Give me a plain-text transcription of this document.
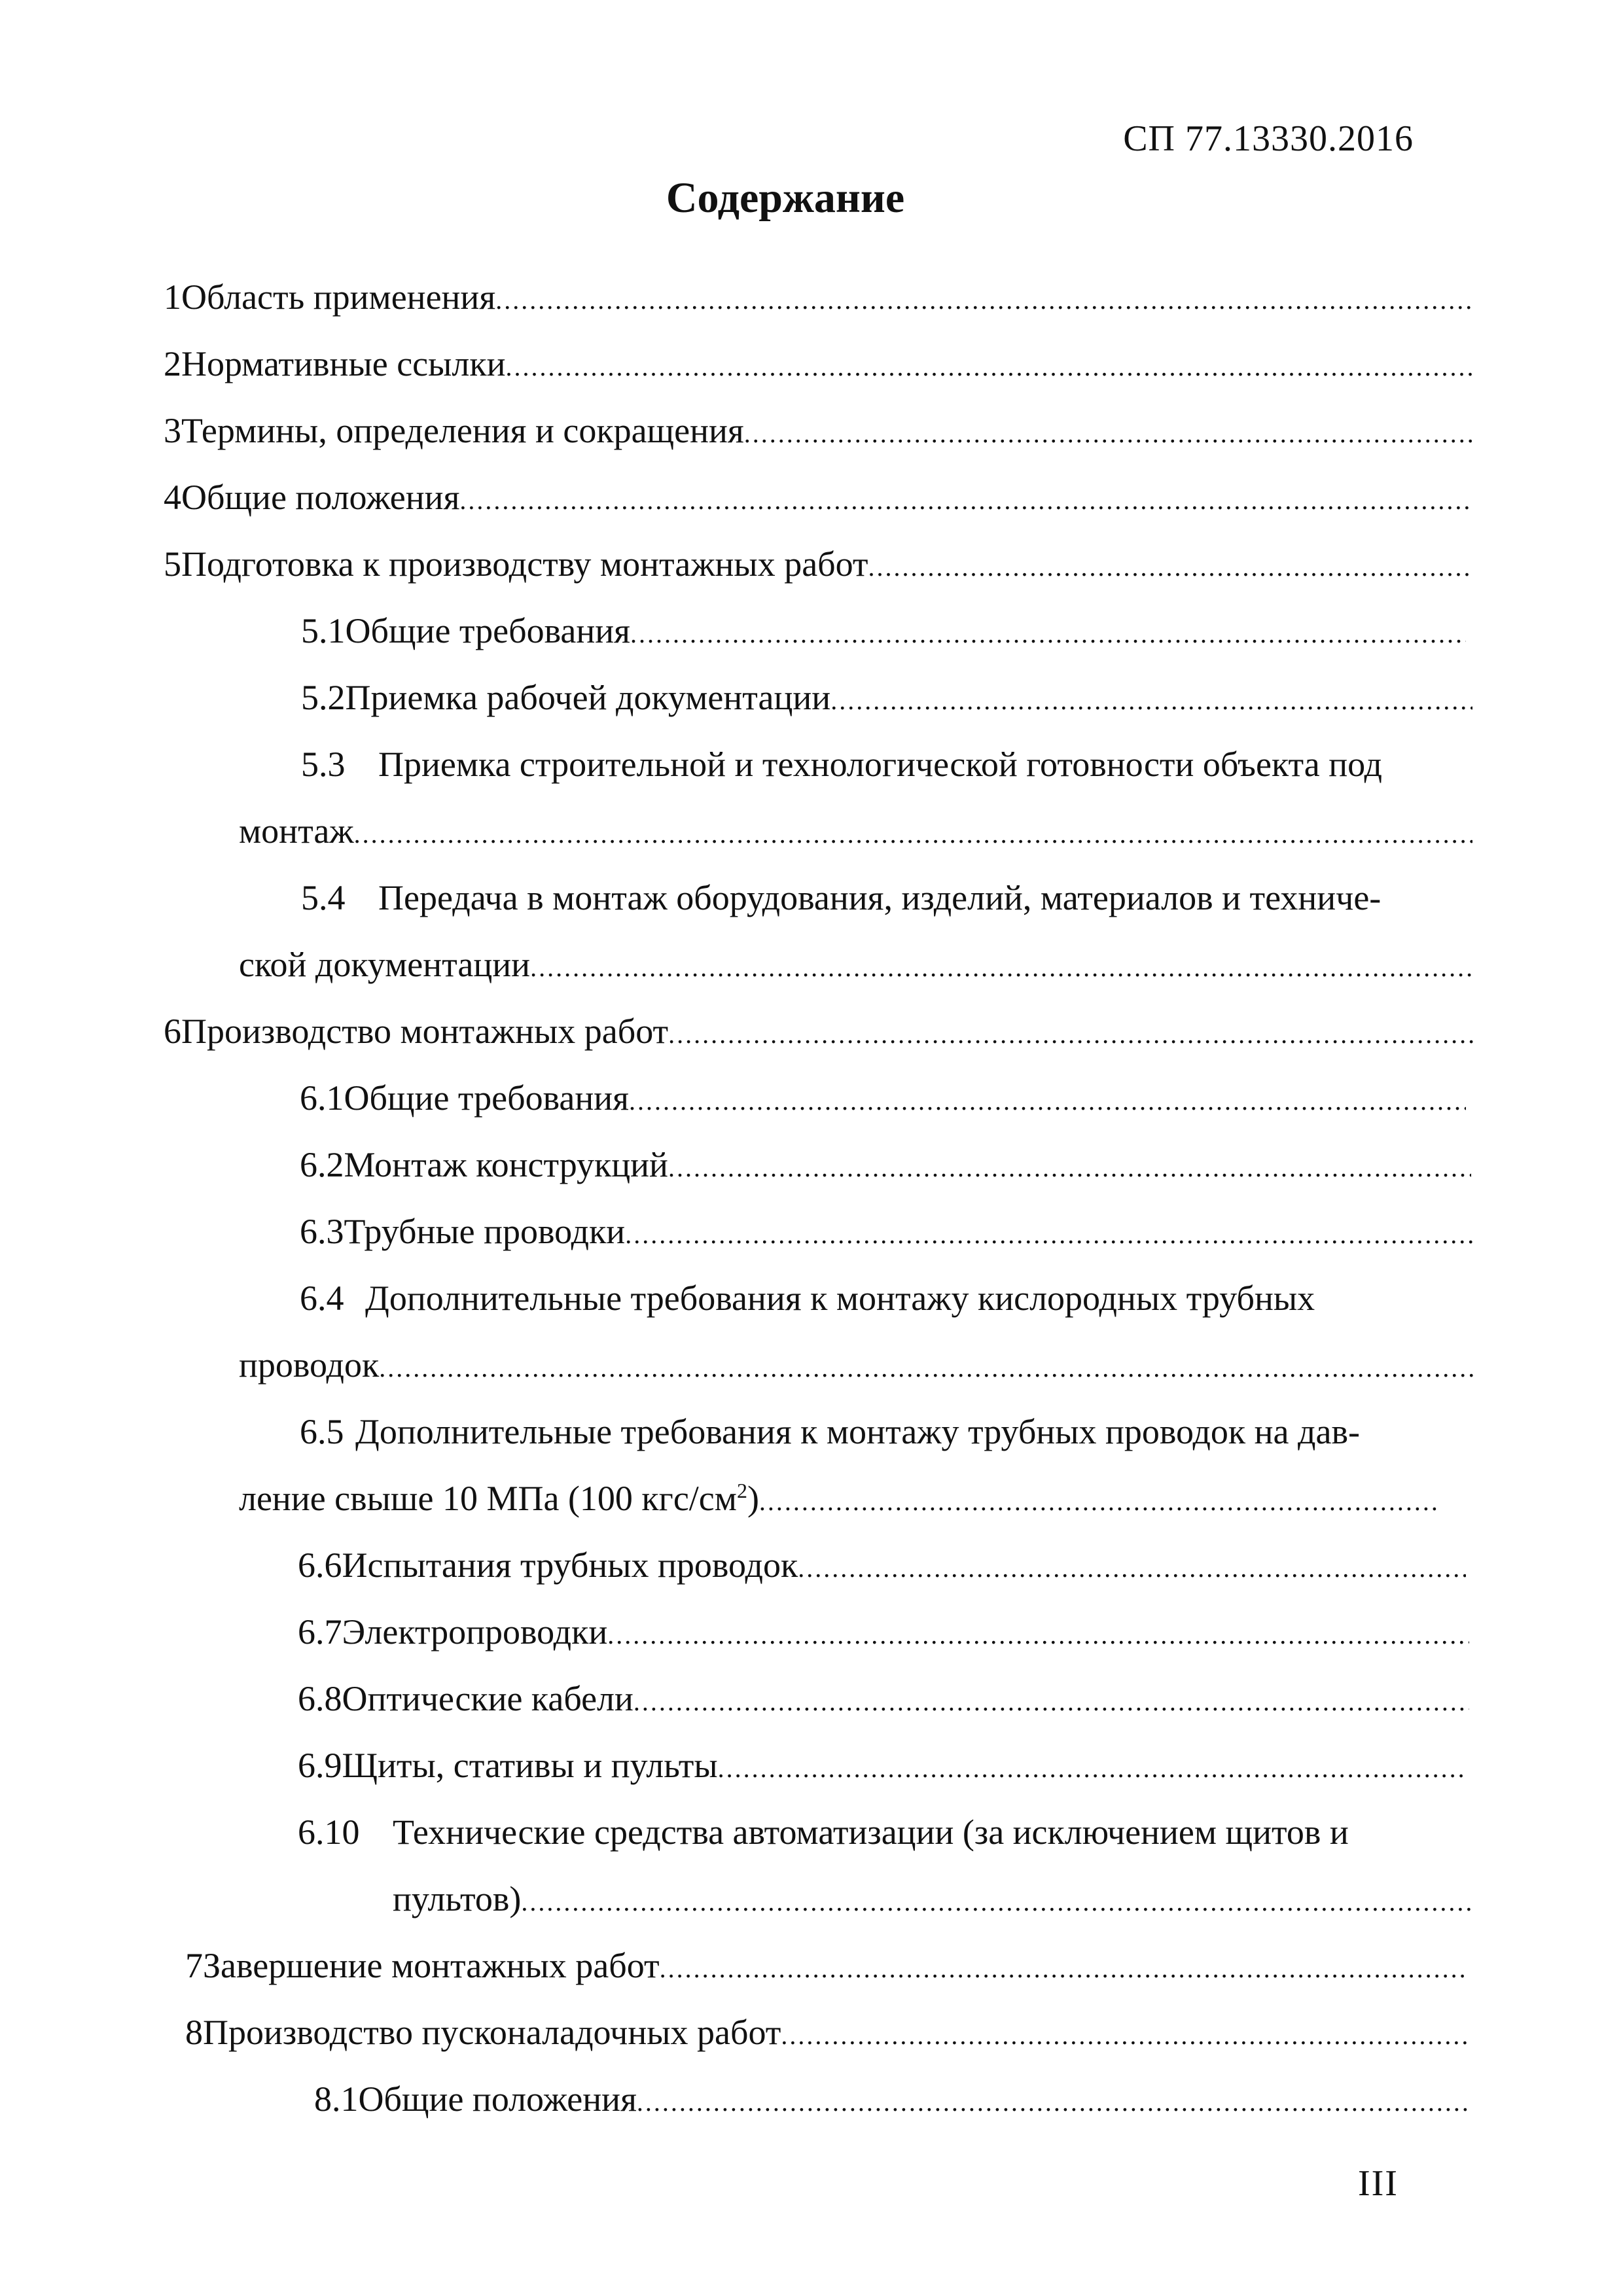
СП 77.13330.2016
Содержание
1 Область применения
.....
2 Нормативные ссылки
.....
3 Термины, определения и сокращения
.....
4 Общие положения
.....
5 Подготовка к производству монтажных работ
.....
5.1 Общие требования
.....
5.2 Приемка рабочей документации
.....
5.3 Приемка строительной и технологической готовности объекта под
монтаж
.....
5.4 Передача в монтаж оборудования, изделий, материалов и техниче-
ской документации
.....
6 Производство монтажных работ
.....
6.1 Общие требования
.....
6.2 Монтаж конструкций
.....
6.3 Трубные проводки
.....
6.4 Дополнительные требования к монтажу кислородных трубных
проводок
.....
6.5 Дополнительные требования к монтажу трубных проводок на дав-
ление свыше 10 МПа (100 кгс/$см^2$)
.....
6.6 Испытания трубных проводок
.....
6.7 Электропроводки
.....
6.8 Оптические кабели
.....
6.9 Щиты, стативы и пульты
.....
6.10 Технические средства автоматизации (за исключением щитов и
пультов)
.....
7 Завершение монтажных работ
.....
8 Производство пусконаладочных работ
.....
8.1 Общие положения
.....
III
